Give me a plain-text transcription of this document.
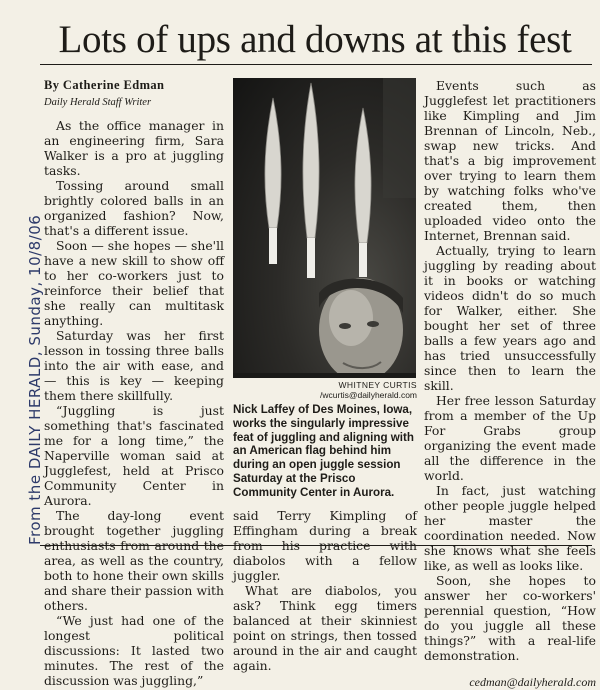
Lots of ups and downs at this fest
From the DAILY HERALD, Sunday, 10/8/06
By Catherine Edman
Daily Herald Staff Writer

As the office manager in an engineering firm, Sara Walker is a pro at juggling tasks.

Tossing around small brightly colored balls in an organized fashion? Now, that's a different issue.

Soon — she hopes — she'll have a new skill to show off to her co-workers just to reinforce their belief that she really can multitask anything.

Saturday was her first lesson in tossing three balls into the air with ease, and — this is key — keeping them there skillfully.

“Juggling is just something that's fascinated me for a long time,” the Naperville woman said at Jugglefest, held at Prisco Community Center in Aurora.

The day-long event brought together juggling enthusiasts from around the area, as well as the country, both to hone their own skills and share their passion with others.

“We just had one of the longest political discussions: It lasted two minutes. The rest of the discussion was juggling,”

WHITNEY CURTIS
/wcurtis@dailyherald.com
Nick Laffey of Des Moines, Iowa, works the singularly impressive feat of juggling and aligning with an American flag behind him during an open juggle session Saturday at the Prisco Community Center in Aurora.

said Terry Kimpling of Effingham during a break from his practice with diabolos with a fellow juggler.

What are diabolos, you ask? Think egg timers balanced at their skinniest point on strings, then tossed around in the air and caught again.

Events such as Jugglefest let practitioners like Kimpling and Jim Brennan of Lincoln, Neb., swap new tricks. And that's a big improvement over trying to learn them by watching folks who've created them, then uploaded video onto the Internet, Brennan said.

Actually, trying to learn juggling by reading about it in books or watching videos didn't do so much for Walker, either. She bought her set of three balls a few years ago and has tried unsuccessfully since then to learn the skill.

Her free lesson Saturday from a member of the Up For Grabs group organizing the event made all the difference in the world.

In fact, just watching other people juggle helped her master the coordination needed. Now she knows what she feels like, as well as looks like.

Soon, she hopes to answer her co-workers' perennial question, “How do you juggle all these things?” with a real-life demonstration.

cedman@dailyherald.com
